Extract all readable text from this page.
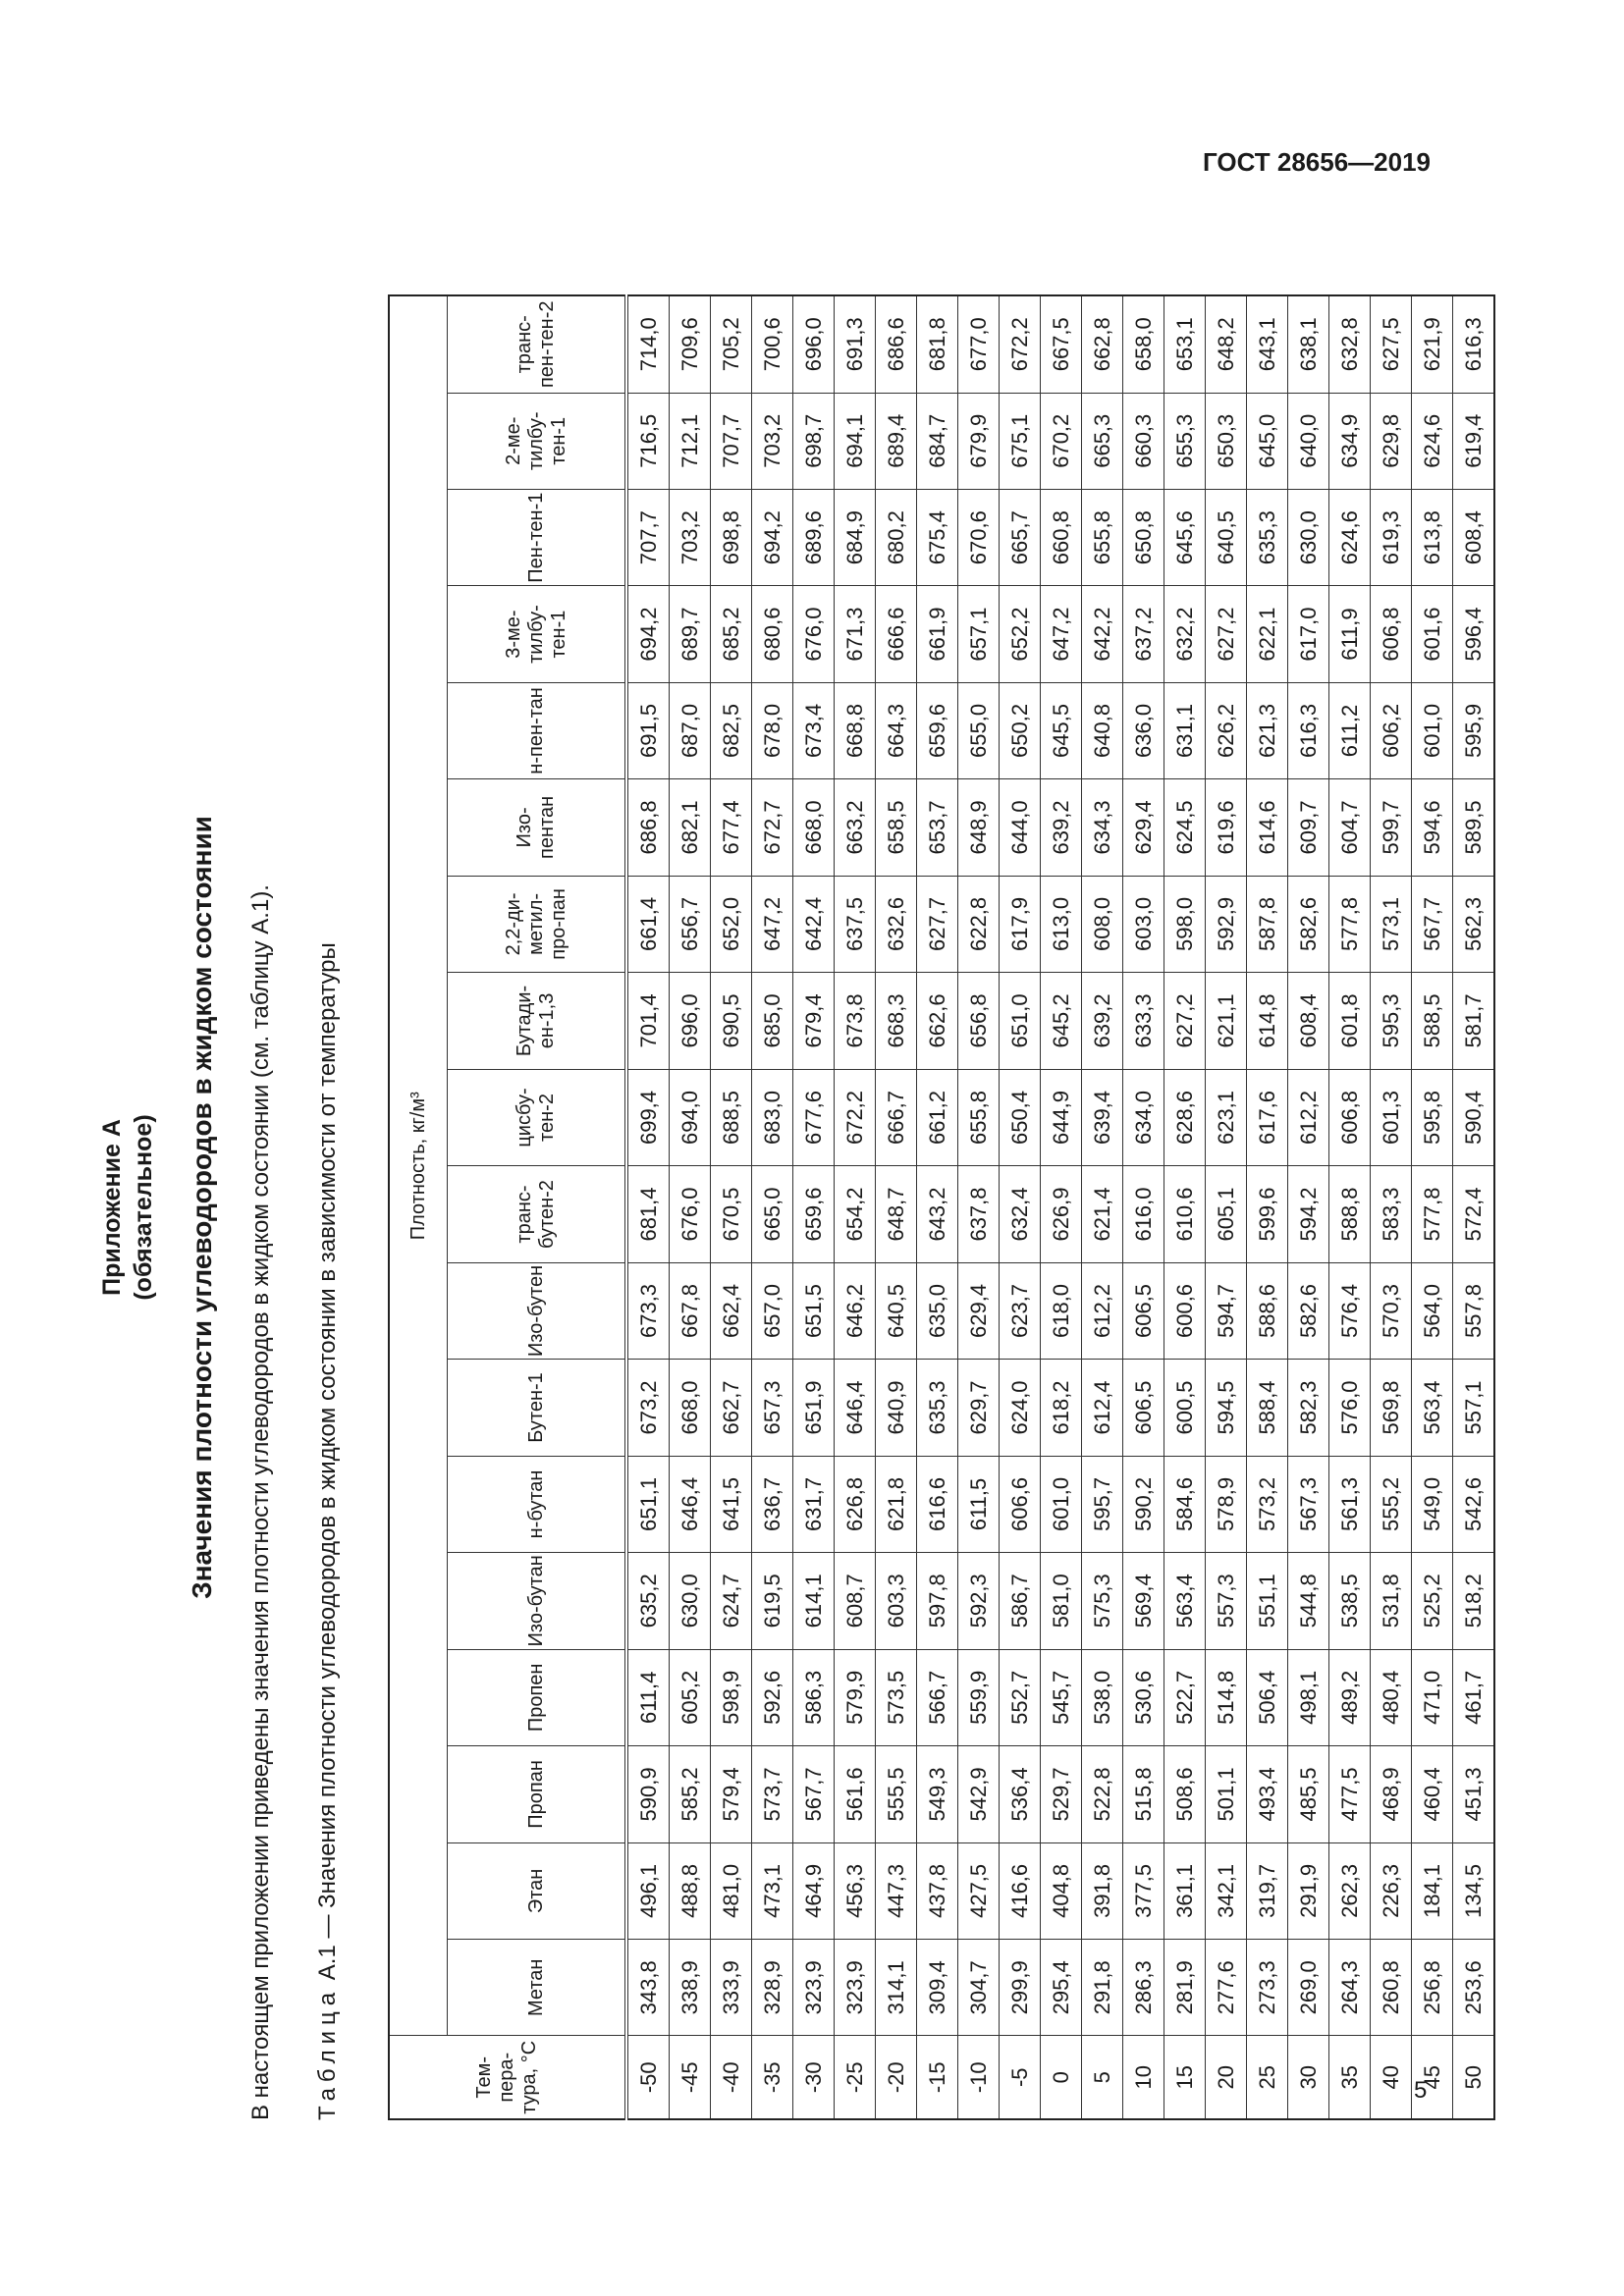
ГОСТ 28656—2019
Приложение А (обязательное) Значения плотности углеводородов в жидком состоянии В настоящем приложении приведены значения плотности углеводородов в жидком состоянии (см. таблицу А.1). Таблица А.1 — Значения плотности углеводородов в жидком состоянии в зависимости от температуры
Тем-пера-тура, °С	Плотность, кг/м³																	
	Метан	Этан	Пропан	Пропен	Изо-бутан	н-бутан	Бутен-1	Изо-бутен	транс-бутен-2	цисбу-тен-2	Бутади-ен-1,3	2,2-ди-метил-про-пан	Изо-пентан	н-пен-тан	3-ме-тилбу-тен-1	Пен-тен-1	2-ме-тилбу-тен-1	транс-пен-тен-2
-50	343,8	496,1	590,9	611,4	635,2	651,1	673,2	673,3	681,4	699,4	701,4	661,4	686,8	691,5	694,2	707,7	716,5	714,0
-45	338,9	488,8	585,2	605,2	630,0	646,4	668,0	667,8	676,0	694,0	696,0	656,7	682,1	687,0	689,7	703,2	712,1	709,6
-40	333,9	481,0	579,4	598,9	624,7	641,5	662,7	662,4	670,5	688,5	690,5	652,0	677,4	682,5	685,2	698,8	707,7	705,2
-35	328,9	473,1	573,7	592,6	619,5	636,7	657,3	657,0	665,0	683,0	685,0	647,2	672,7	678,0	680,6	694,2	703,2	700,6
-30	323,9	464,9	567,7	586,3	614,1	631,7	651,9	651,5	659,6	677,6	679,4	642,4	668,0	673,4	676,0	689,6	698,7	696,0
-25	323,9	456,3	561,6	579,9	608,7	626,8	646,4	646,2	654,2	672,2	673,8	637,5	663,2	668,8	671,3	684,9	694,1	691,3
-20	314,1	447,3	555,5	573,5	603,3	621,8	640,9	640,5	648,7	666,7	668,3	632,6	658,5	664,3	666,6	680,2	689,4	686,6
-15	309,4	437,8	549,3	566,7	597,8	616,6	635,3	635,0	643,2	661,2	662,6	627,7	653,7	659,6	661,9	675,4	684,7	681,8
-10	304,7	427,5	542,9	559,9	592,3	611,5	629,7	629,4	637,8	655,8	656,8	622,8	648,9	655,0	657,1	670,6	679,9	677,0
-5	299,9	416,6	536,4	552,7	586,7	606,6	624,0	623,7	632,4	650,4	651,0	617,9	644,0	650,2	652,2	665,7	675,1	672,2
0	295,4	404,8	529,7	545,7	581,0	601,0	618,2	618,0	626,9	644,9	645,2	613,0	639,2	645,5	647,2	660,8	670,2	667,5
5	291,8	391,8	522,8	538,0	575,3	595,7	612,4	612,2	621,4	639,4	639,2	608,0	634,3	640,8	642,2	655,8	665,3	662,8
10	286,3	377,5	515,8	530,6	569,4	590,2	606,5	606,5	616,0	634,0	633,3	603,0	629,4	636,0	637,2	650,8	660,3	658,0
15	281,9	361,1	508,6	522,7	563,4	584,6	600,5	600,6	610,6	628,6	627,2	598,0	624,5	631,1	632,2	645,6	655,3	653,1
20	277,6	342,1	501,1	514,8	557,3	578,9	594,5	594,7	605,1	623,1	621,1	592,9	619,6	626,2	627,2	640,5	650,3	648,2
25	273,3	319,7	493,4	506,4	551,1	573,2	588,4	588,6	599,6	617,6	614,8	587,8	614,6	621,3	622,1	635,3	645,0	643,1
30	269,0	291,9	485,5	498,1	544,8	567,3	582,3	582,6	594,2	612,2	608,4	582,6	609,7	616,3	617,0	630,0	640,0	638,1
35	264,3	262,3	477,5	489,2	538,5	561,3	576,0	576,4	588,8	606,8	601,8	577,8	604,7	611,2	611,9	624,6	634,9	632,8
40	260,8	226,3	468,9	480,4	531,8	555,2	569,8	570,3	583,3	601,3	595,3	573,1	599,7	606,2	606,8	619,3	629,8	627,5
45	256,8	184,1	460,4	471,0	525,2	549,0	563,4	564,0	577,8	595,8	588,5	567,7	594,6	601,0	601,6	613,8	624,6	621,9
50	253,6	134,5	451,3	461,7	518,2	542,6	557,1	557,8	572,4	590,4	581,7	562,3	589,5	595,9	596,4	608,4	619,4	616,3
5
